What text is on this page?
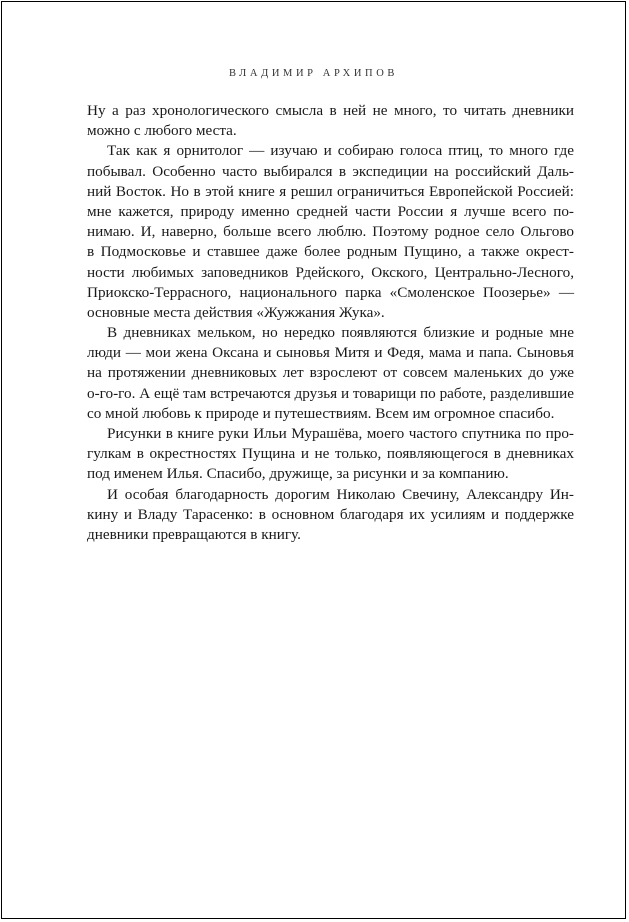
ВЛАДИМИР АРХИПОВ
Ну а раз хронологического смысла в ней не много, то читать дневники
можно с любого места.
Так как я орнитолог — изучаю и собираю голоса птиц, то много где
побывал. Особенно часто выбирался в экспедиции на российский Даль-
ний Восток. Но в этой книге я решил ограничиться Европейской Россией:
мне кажется, природу именно средней части России я лучше всего по-
нимаю. И, наверно, больше всего люблю. Поэтому родное село Ольгово
в Подмосковье и ставшее даже более родным Пущино, а также окрест-
ности любимых заповедников Рдейского, Окского, Центрально-Лесного,
Приокско-Террасного, национального парка «Смоленское Поозерье» —
основные места действия «Жужжания Жука».
В дневниках мельком, но нередко появляются близкие и родные мне
люди — мои жена Оксана и сыновья Митя и Федя, мама и папа. Сыновья
на протяжении дневниковых лет взрослеют от совсем маленьких до уже
о-го-го. А ещё там встречаются друзья и товарищи по работе, разделившие
со мной любовь к природе и путешествиям. Всем им огромное спасибо.
Рисунки в книге руки Ильи Мурашёва, моего частого спутника по про-
гулкам в окрестностях Пущина и не только, появляющегося в дневниках
под именем Илья. Спасибо, дружище, за рисунки и за компанию.
И особая благодарность дорогим Николаю Свечину, Александру Ин-
кину и Владу Тарасенко: в основном благодаря их усилиям и поддержке
дневники превращаются в книгу.
